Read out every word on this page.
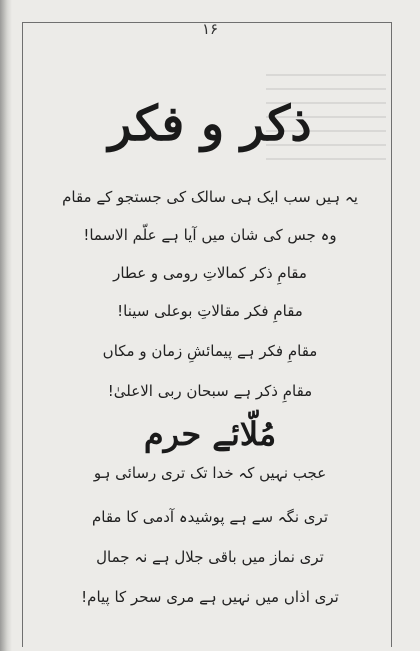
۱۶
ذکر و فکر
یہ ہیں سب ایک ہی سالک کی جستجو کے مقام
وہ جس کی شان میں آیا ہے علّم الاسما!
مقامِ ذکر کمالاتِ رومی و عطار
مقامِ فکر مقالاتِ بوعلی سینا!
مقامِ فکر ہے پیمائشِ زمان و مکاں
مقامِ ذکر ہے سبحان ربی الاعلیٰ!
مُلّائے حرم
عجب نہیں کہ خدا تک تری رسائی ہو
تری نگہ سے ہے پوشیدہ آدمی کا مقام
تری نماز میں باقی جلال ہے نہ جمال
تری اذاں میں نہیں ہے مری سحر کا پیام!
